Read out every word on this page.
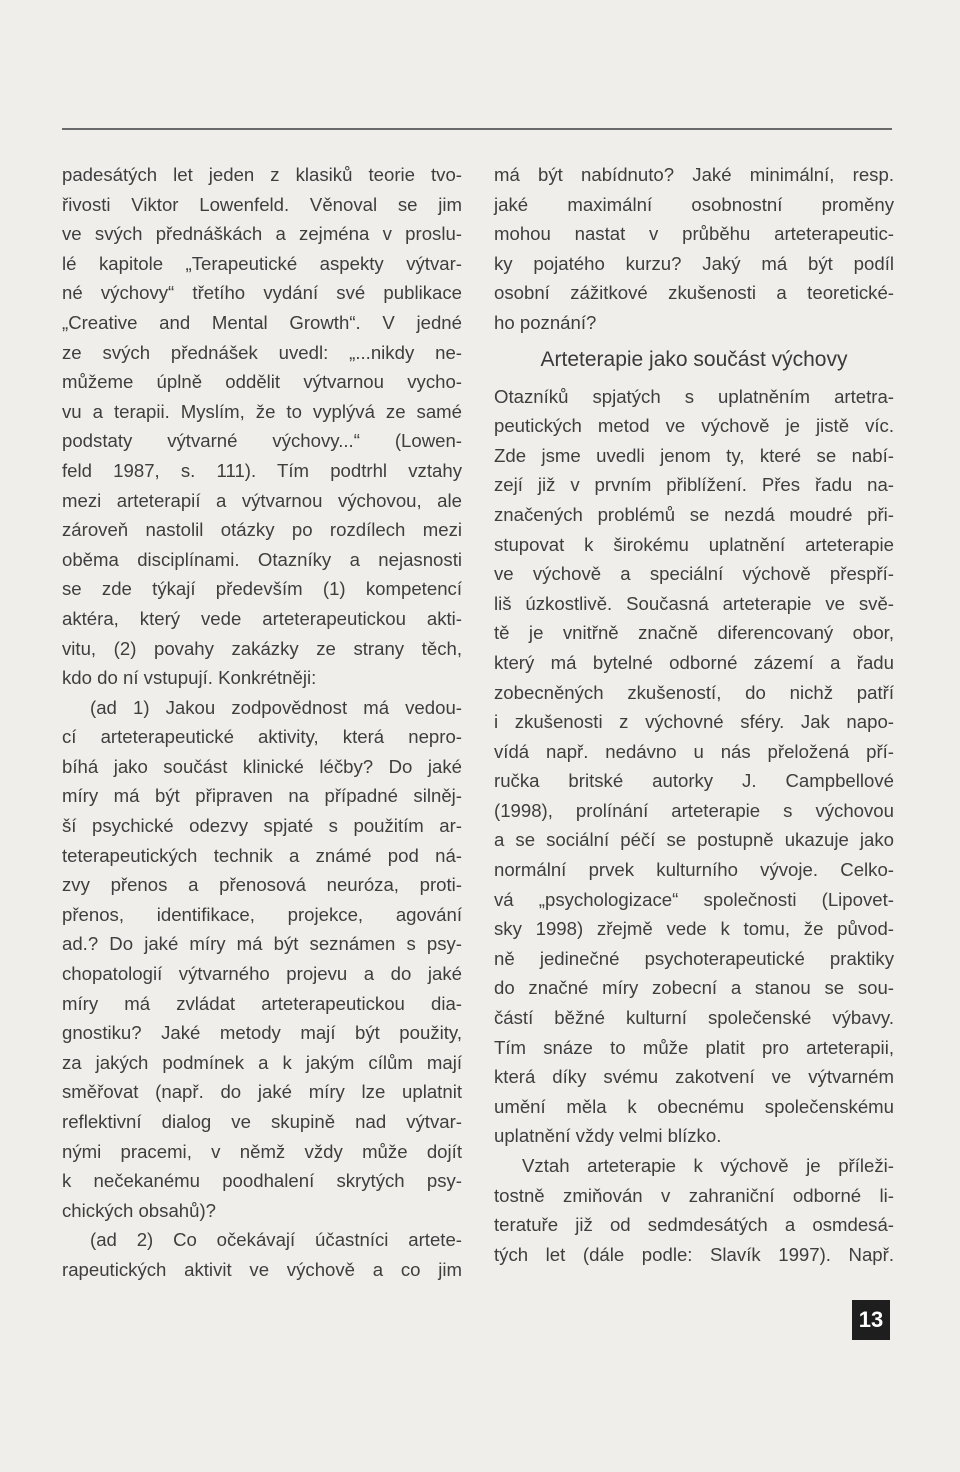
padesátých let jeden z klasiků teorie tvo-
řivosti Viktor Lowenfeld. Věnoval se jim
ve svých přednáškách a zejména v proslu-
lé kapitole „Terapeutické aspekty výtvar-
né výchovy“ třetího vydání své publikace
„Creative and Mental Growth“. V jedné
ze svých přednášek uvedl: „...nikdy ne-
můžeme úplně oddělit výtvarnou vycho-
vu a terapii. Myslím, že to vyplývá ze samé
podstaty výtvarné výchovy...“ (Lowen-
feld 1987, s. 111). Tím podtrhl vztahy
mezi arteterapií a výtvarnou výchovou, ale
zároveň nastolil otázky po rozdílech mezi
oběma disciplínami. Otazníky a nejasnosti
se zde týkají především (1) kompetencí
aktéra, který vede arteterapeutickou akti-
vitu, (2) povahy zakázky ze strany těch,
kdo do ní vstupují. Konkrétněji:
(ad 1) Jakou zodpovědnost má vedou-
cí arteterapeutické aktivity, která nepro-
bíhá jako součást klinické léčby? Do jaké
míry má být připraven na případné silněj-
ší psychické odezvy spjaté s použitím ar-
teterapeutických technik a známé pod ná-
zvy přenos a přenosová neuróza, proti-
přenos, identifikace, projekce, agování
ad.? Do jaké míry má být seznámen s psy-
chopatologií výtvarného projevu a do jaké
míry má zvládat arteterapeutickou dia-
gnostiku? Jaké metody mají být použity,
za jakých podmínek a k jakým cílům mají
směřovat (např. do jaké míry lze uplatnit
reflektivní dialog ve skupině nad výtvar-
nými pracemi, v němž vždy může dojít
k nečekanému poodhalení skrytých psy-
chických obsahů)?
(ad 2) Co očekávají účastníci artete-
rapeutických aktivit ve výchově a co jim
má být nabídnuto? Jaké minimální, resp.
jaké maximální osobnostní proměny
mohou nastat v průběhu arteterapeutic-
ky pojatého kurzu? Jaký má být podíl
osobní zážitkové zkušenosti a teoretické-
ho poznání?
Arteterapie jako součást výchovy
Otazníků spjatých s uplatněním artetra-
peutických metod ve výchově je jistě víc.
Zde jsme uvedli jenom ty, které se nabí-
zejí již v prvním přiblížení. Přes řadu na-
značených problémů se nezdá moudré při-
stupovat k širokému uplatnění arteterapie
ve výchově a speciální výchově přespří-
liš úzkostlivě. Současná arteterapie ve svě-
tě je vnitřně značně diferencovaný obor,
který má bytelné odborné zázemí a řadu
zobecněných zkušeností, do nichž patří
i zkušenosti z výchovné sféry. Jak napo-
vídá např. nedávno u nás přeložená pří-
ručka britské autorky J. Campbellové
(1998), prolínání arteterapie s výchovou
a se sociální péčí se postupně ukazuje jako
normální prvek kulturního vývoje. Celko-
vá „psychologizace“ společnosti (Lipovet-
sky 1998) zřejmě vede k tomu, že původ-
ně jedinečné psychoterapeutické praktiky
do značné míry zobecní a stanou se sou-
částí běžné kulturní společenské výbavy.
Tím snáze to může platit pro arteterapii,
která díky svému zakotvení ve výtvarném
umění měla k obecnému společenskému
uplatnění vždy velmi blízko.
Vztah arteterapie k výchově je příleži-
tostně zmiňován v zahraniční odborné li-
teratuře již od sedmdesátých a osmdesá-
tých let (dále podle: Slavík 1997). Např.
13
